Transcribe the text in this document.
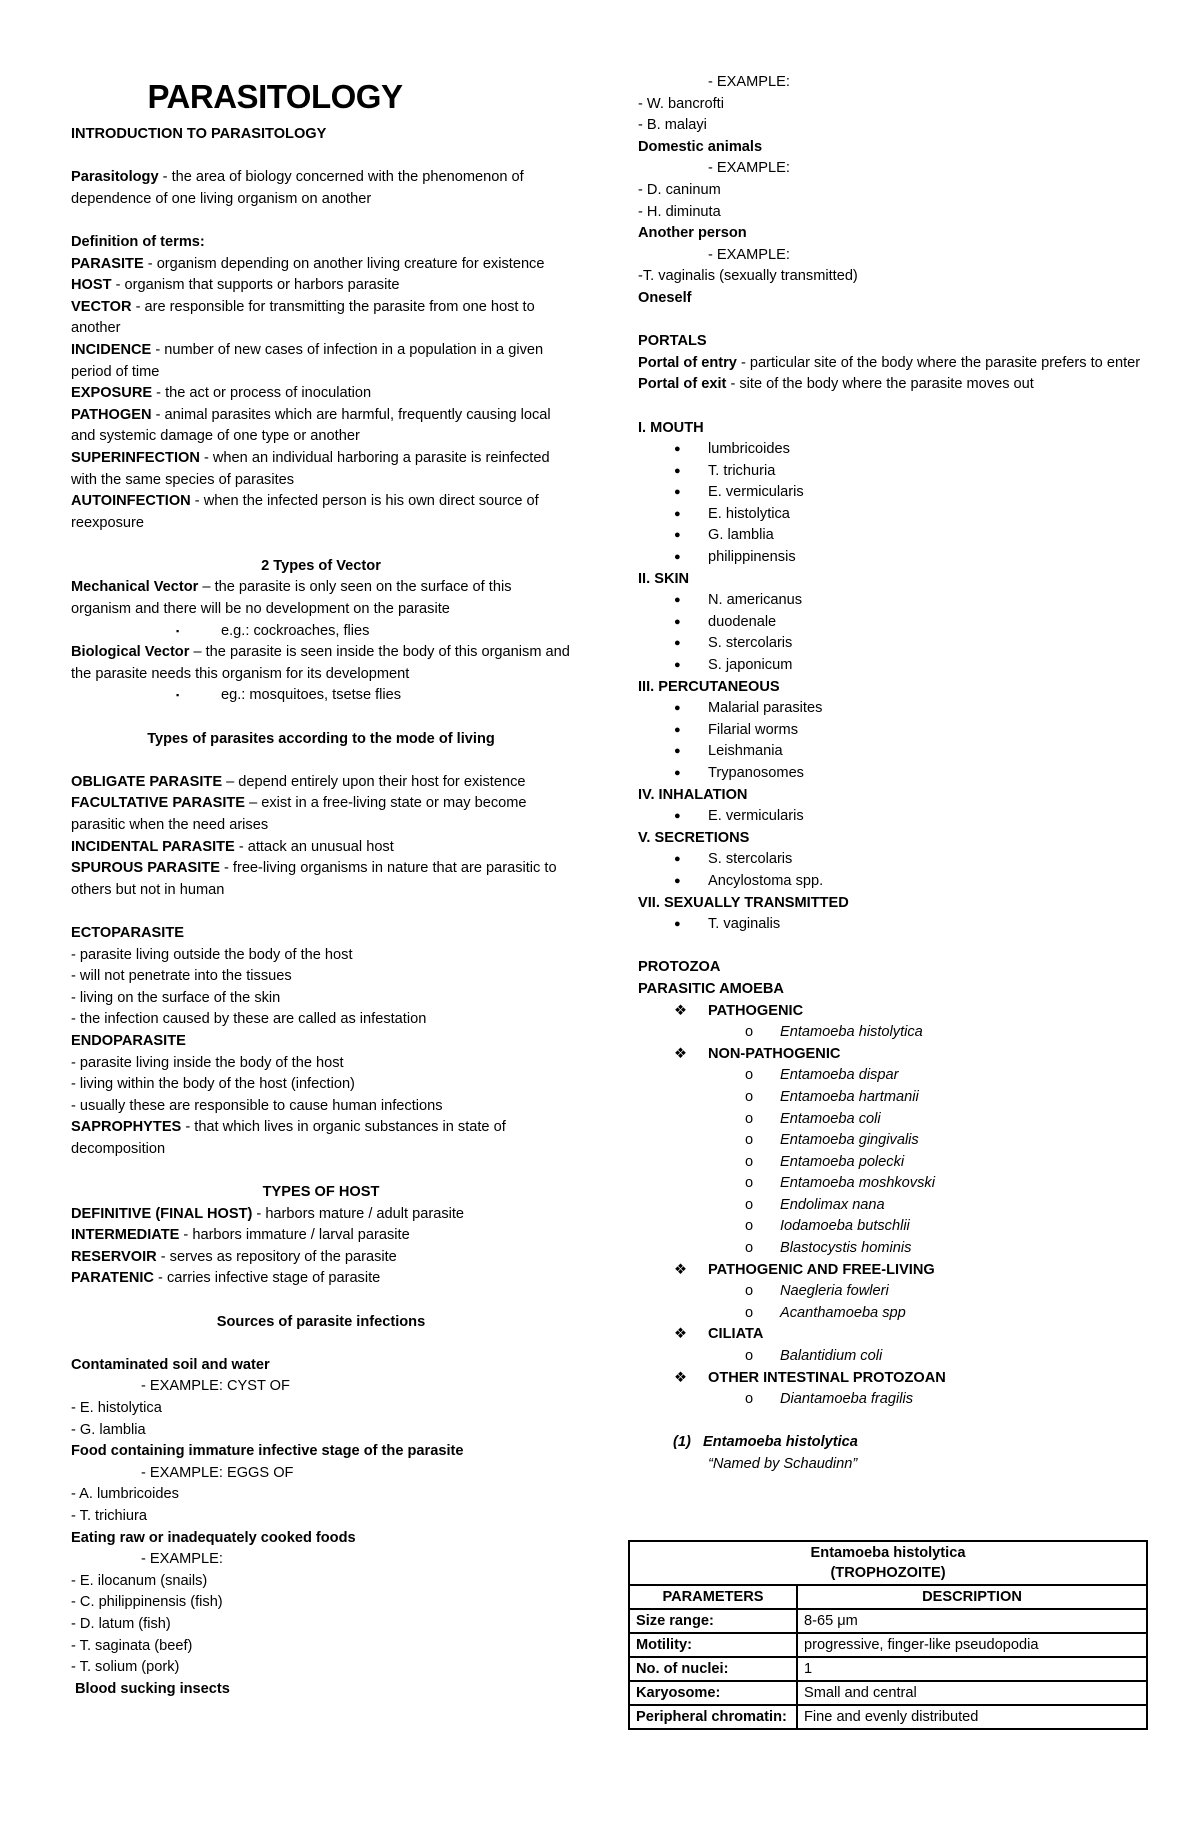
PARASITOLOGY

INTRODUCTION TO PARASITOLOGY

Parasitology - the area of biology concerned with the phenomenon of dependence of one living organism on another

Definition of terms:

PARASITE - organism depending on another living creature for existence

HOST - organism that supports or harbors parasite

VECTOR - are responsible for transmitting the parasite from one host to another

INCIDENCE - number of new cases of infection in a population in a given period of time

EXPOSURE - the act or process of inoculation

PATHOGEN - animal parasites which are harmful, frequently causing local and systemic damage of one type or another

SUPERINFECTION - when an individual harboring a parasite is reinfected with the same species of parasites

AUTOINFECTION - when the infected person is his own direct source of reexposure

2 Types of Vector

Mechanical Vector – the parasite is only seen on the surface of this organism and there will be no development on the parasite

▪	e.g.: cockroaches, flies

Biological Vector – the parasite is seen inside the body of this organism and the parasite needs this organism for its development

▪	eg.: mosquitoes, tsetse flies

Types of parasites according to the mode of living

OBLIGATE PARASITE – depend entirely upon their host for existence

FACULTATIVE PARASITE – exist in a free-living state or may become parasitic when the need arises

INCIDENTAL PARASITE - attack an unusual host

SPUROUS PARASITE - free-living organisms in nature that are parasitic to others but not in human

ECTOPARASITE

- parasite living outside the body of the host

- will not penetrate into the tissues

- living on the surface of the skin

- the infection caused by these are called as infestation

ENDOPARASITE

- parasite living inside the body of the host

- living within the body of the host (infection)

- usually these are responsible to cause human infections

SAPROPHYTES - that which lives in organic substances in state of decomposition

TYPES OF HOST

DEFINITIVE (FINAL HOST) - harbors mature / adult parasite

INTERMEDIATE - harbors immature / larval parasite

RESERVOIR - serves as repository of the parasite

PARATENIC - carries infective stage of parasite

Sources of parasite infections

Contaminated soil and water

- EXAMPLE: CYST OF

- E. histolytica

- G. lamblia

Food containing immature infective stage of the parasite

- EXAMPLE: EGGS OF

- A. lumbricoides

- T. trichiura

Eating raw or inadequately cooked foods

- EXAMPLE:

- E. ilocanum (snails)

- C. philippinensis (fish)

- D. latum (fish)

- T. saginata (beef)

- T. solium (pork)

Blood sucking insects

- EXAMPLE:

- W. bancrofti

- B. malayi

Domestic animals

- EXAMPLE:

- D. caninum

- H. diminuta

Another person

- EXAMPLE:

-T. vaginalis (sexually transmitted)

Oneself

PORTALS

Portal of entry - particular site of the body where the parasite prefers to enter

Portal of exit - site of the body where the parasite moves out

I. MOUTH

●	lumbricoides
●	T. trichuria
●	E. vermicularis
●	E. histolytica
●	G. lamblia
●	philippinensis

II. SKIN

●	N. americanus
●	duodenale
●	S. stercolaris
●	S. japonicum

III. PERCUTANEOUS

●	Malarial parasites
●	Filarial worms
●	Leishmania
●	Trypanosomes

IV. INHALATION

●	E. vermicularis

V. SECRETIONS

●	S. stercolaris
●	Ancylostoma spp.

VII. SEXUALLY TRANSMITTED

●	T. vaginalis

PROTOZOA

PARASITIC AMOEBA

❖	PATHOGENIC
o	Entamoeba histolytica
❖	NON-PATHOGENIC
o	Entamoeba dispar
o	Entamoeba hartmanii
o	Entamoeba coli
o	Entamoeba gingivalis
o	Entamoeba polecki
o	Entamoeba moshkovski
o	Endolimax nana
o	Iodamoeba butschlii
o	Blastocystis hominis
❖	PATHOGENIC AND FREE-LIVING
o	Naegleria fowleri
o	Acanthamoeba spp
❖	CILIATA
o	Balantidium coli
❖	OTHER INTESTINAL PROTOZOAN
o	Diantamoeba fragilis

(1) Entamoeba histolytica

“Named by Schaudinn”

Entamoeba histolytica
(TROPHOZOITE)	
PARAMETERS	DESCRIPTION
Size range:	8-65 μm
Motility:	progressive, finger-like pseudopodia
No. of nuclei:	1
Karyosome:	Small and central
Peripheral chromatin:	Fine and evenly distributed
